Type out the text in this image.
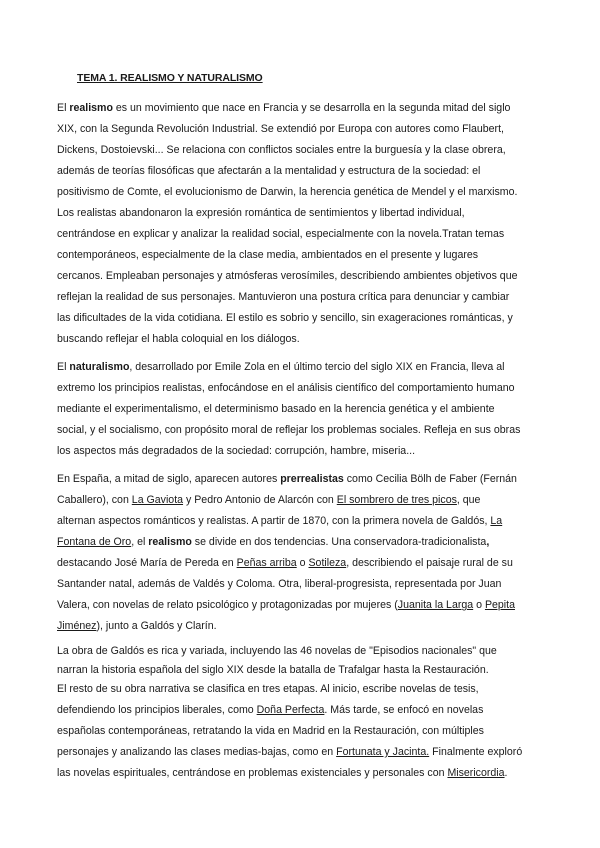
TEMA 1. REALISMO Y NATURALISMO
El realismo es un movimiento que nace en Francia y se desarrolla en la segunda mitad del siglo
XIX, con la Segunda Revolución Industrial. Se extendió por Europa con autores como Flaubert,
Dickens, Dostoievski... Se relaciona con conflictos sociales entre la burguesía y la clase obrera,
además de teorías filosóficas que afectarán a la mentalidad y estructura de la sociedad: el
positivismo de Comte, el evolucionismo de Darwin, la herencia genética de Mendel y el marxismo.
Los realistas abandonaron la expresión romántica de sentimientos y libertad individual,
centrándose en explicar y analizar la realidad social, especialmente con la novela.Tratan temas
contemporáneos, especialmente de la clase media, ambientados en el presente y lugares
cercanos. Empleaban personajes y atmósferas verosímiles, describiendo ambientes objetivos que
reflejan la realidad de sus personajes. Mantuvieron una postura crítica para denunciar y cambiar
las dificultades de la vida cotidiana. El estilo es sobrio y sencillo, sin exageraciones románticas, y
buscando reflejar el habla coloquial en los diálogos.
El naturalismo, desarrollado por Emile Zola en el último tercio del siglo XIX en Francia, lleva al
extremo los principios realistas, enfocándose en el análisis científico del comportamiento humano
mediante el experimentalismo, el determinismo basado en la herencia genética y el ambiente
social, y el socialismo, con propósito moral de reflejar los problemas sociales. Refleja en sus obras
los aspectos más degradados de la sociedad: corrupción, hambre, miseria...
En España, a mitad de siglo, aparecen autores prerrealistas como Cecilia Bölh de Faber (Fernán
Caballero), con La Gaviota y Pedro Antonio de Alarcón con El sombrero de tres picos, que
alternan aspectos románticos y realistas. A partir de 1870, con la primera novela de Galdós, La
Fontana de Oro, el realismo se divide en dos tendencias. Una conservadora-tradicionalista,
destacando José María de Pereda en Peñas arriba o Sotileza, describiendo el paisaje rural de su
Santander natal, además de Valdés y Coloma. Otra, liberal-progresista, representada por Juan
Valera, con novelas de relato psicológico y protagonizadas por mujeres (Juanita la Larga o Pepita
Jiménez), junto a Galdós y Clarín.
La obra de Galdós es rica y variada, incluyendo las 46 novelas de "Episodios nacionales" que
narran la historia española del siglo XIX desde la batalla de Trafalgar hasta la Restauración.
El resto de su obra narrativa se clasifica en tres etapas. Al inicio, escribe novelas de tesis,
defendiendo los principios liberales, como Doña Perfecta. Más tarde, se enfocó en novelas
españolas contemporáneas, retratando la vida en Madrid en la Restauración, con múltiples
personajes y analizando las clases medias-bajas, como en Fortunata y Jacinta. Finalmente exploró
las novelas espirituales, centrándose en problemas existenciales y personales con Misericordia.
